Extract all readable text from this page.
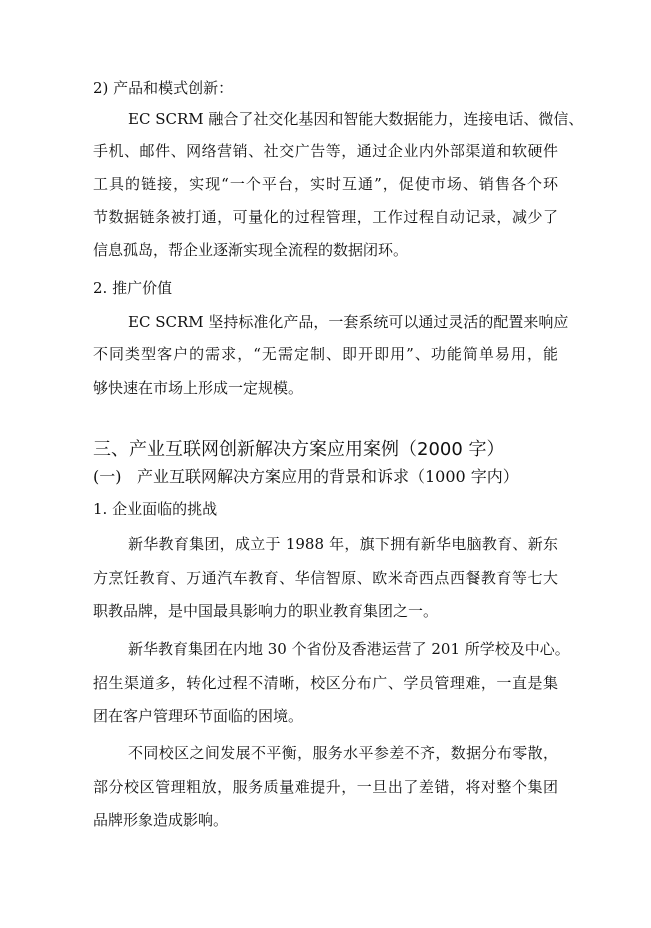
2) 产品和模式创新：
EC SCRM 融合了社交化基因和智能大数据能力，连接电话、微信、
手机、邮件、网络营销、社交广告等，通过企业内外部渠道和软硬件
工具的链接，实现“一个平台，实时互通”，促使市场、销售各个环
节数据链条被打通，可量化的过程管理，工作过程自动记录，减少了
信息孤岛，帮企业逐渐实现全流程的数据闭环。
2. 推广价值
EC SCRM 坚持标准化产品，一套系统可以通过灵活的配置来响应
不同类型客户的需求，“无需定制、即开即用”、功能简单易用，能
够快速在市场上形成一定规模。
三、产业互联网创新解决方案应用案例（2000 字）
(一) 产业互联网解决方案应用的背景和诉求（1000 字内）
1. 企业面临的挑战
新华教育集团，成立于 1988 年，旗下拥有新华电脑教育、新东
方烹饪教育、万通汽车教育、华信智原、欧米奇西点西餐教育等七大
职教品牌，是中国最具影响力的职业教育集团之一。
新华教育集团在内地 30 个省份及香港运营了 201 所学校及中心。
招生渠道多，转化过程不清晰，校区分布广、学员管理难，一直是集
团在客户管理环节面临的困境。
不同校区之间发展不平衡，服务水平参差不齐，数据分布零散，
部分校区管理粗放，服务质量难提升，一旦出了差错，将对整个集团
品牌形象造成影响。
